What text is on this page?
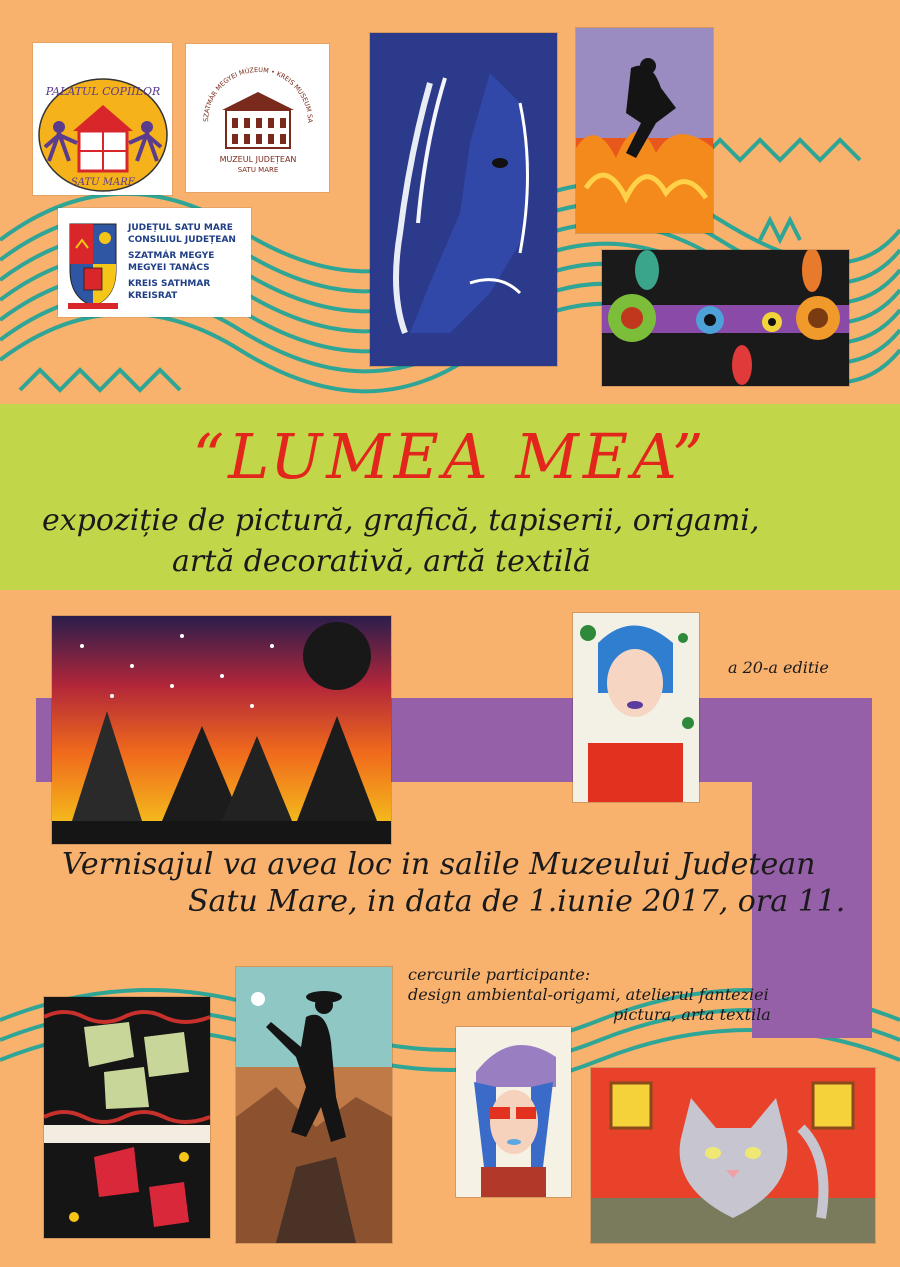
PALATUL COPIILOR
SATU MARE
SZATMÁR MEGYEI MÚZEUM • KREIS MUSEUM SA
MUZEUL JUDEȚEAN
SATU MARE
JUDEȚUL SATU MARE
CONSILIUL JUDEȚEAN
SZATMÁR MEGYE
MEGYEI TANÁCS
KREIS SATHMAR
KREISRAT
“LUMEA MEA”
expoziție de pictură, grafică, tapiserii, origami,
artă decorativă, artă textilă
a 20-a editie
Vernisajul va avea loc in salile Muzeului Judetean
Satu Mare, in data de 1.iunie 2017, ora 11.
cercurile participante:
design ambiental-origami, atelierul fanteziei
pictura, arta textila
